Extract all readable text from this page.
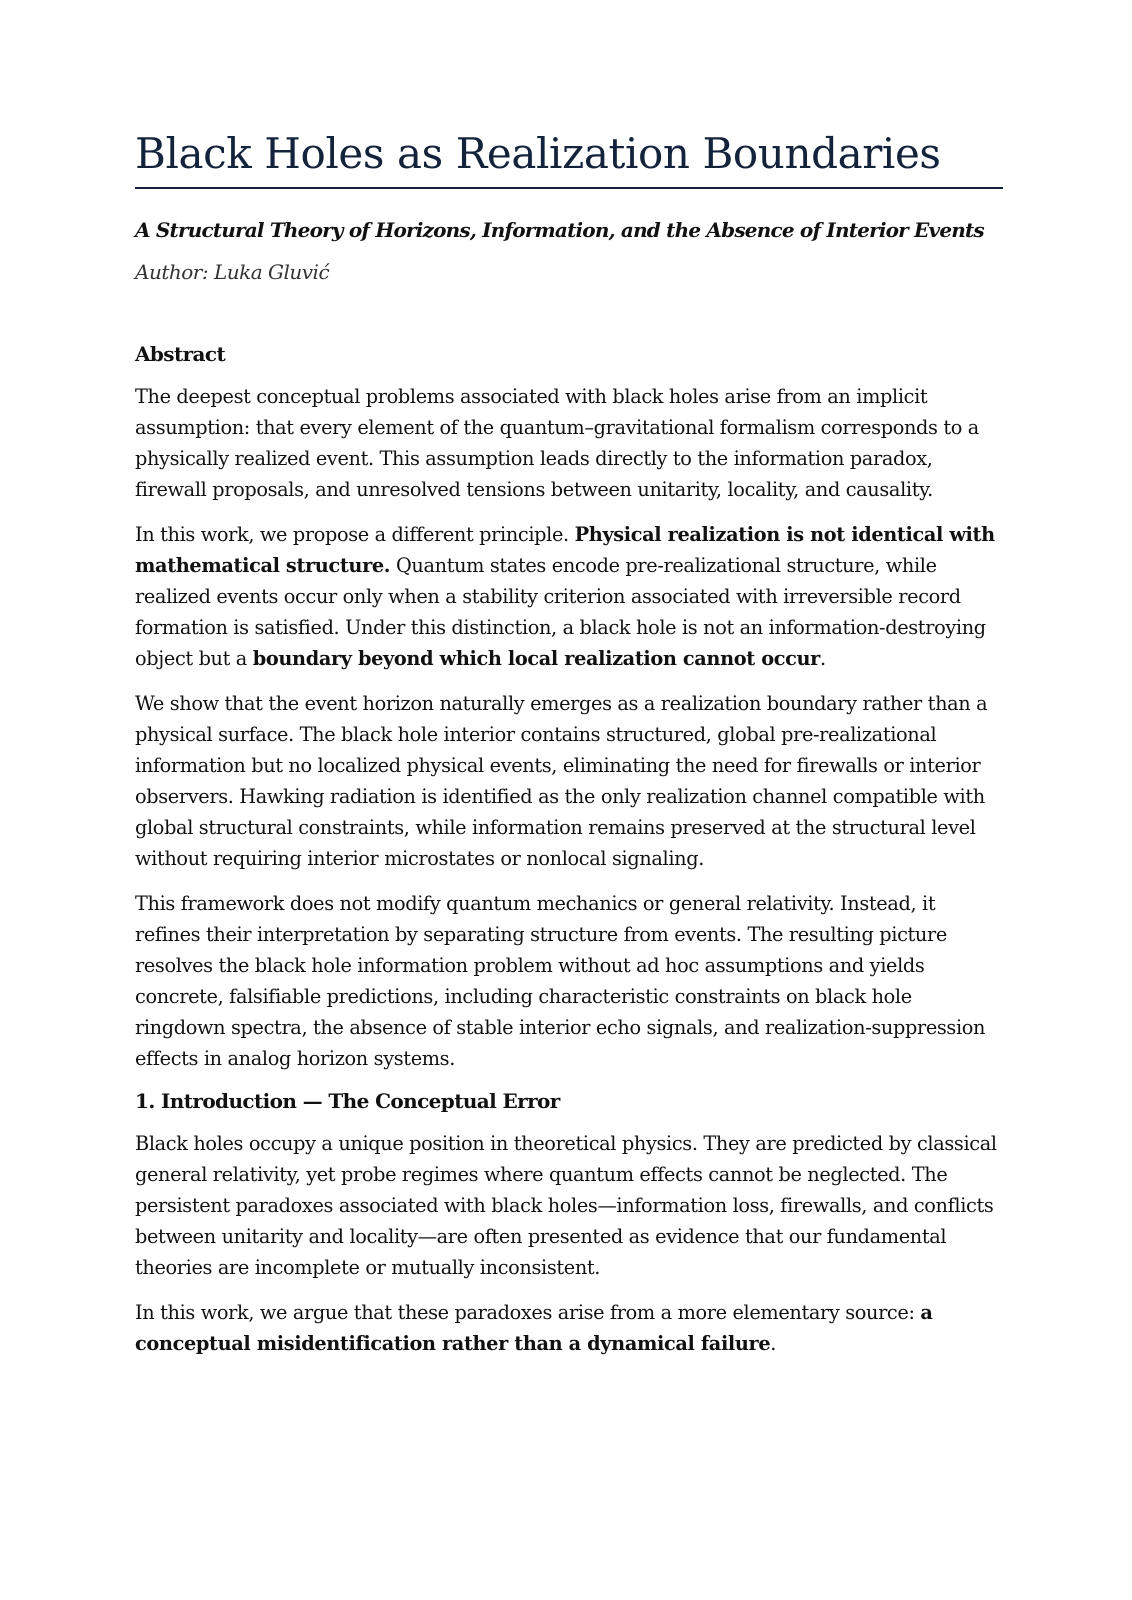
Black Holes as Realization Boundaries
A Structural Theory of Horizons, Information, and the Absence of Interior Events
Author: Luka Gluvić
Abstract

The deepest conceptual problems associated with black holes arise from an implicit assumption: that every element of the quantum–gravitational formalism corresponds to a physically realized event. This assumption leads directly to the information paradox, firewall proposals, and unresolved tensions between unitarity, locality, and causality.

In this work, we propose a different principle. Physical realization is not identical with mathematical structure. Quantum states encode pre-realizational structure, while realized events occur only when a stability criterion associated with irreversible record formation is satisfied. Under this distinction, a black hole is not an information-destroying object but a boundary beyond which local realization cannot occur.

We show that the event horizon naturally emerges as a realization boundary rather than a physical surface. The black hole interior contains structured, global pre-realizational information but no localized physical events, eliminating the need for firewalls or interior observers. Hawking radiation is identified as the only realization channel compatible with global structural constraints, while information remains preserved at the structural level without requiring interior microstates or nonlocal signaling.

This framework does not modify quantum mechanics or general relativity. Instead, it refines their interpretation by separating structure from events. The resulting picture resolves the black hole information problem without ad hoc assumptions and yields concrete, falsifiable predictions, including characteristic constraints on black hole ringdown spectra, the absence of stable interior echo signals, and realization-suppression effects in analog horizon systems.

1. Introduction — The Conceptual Error

Black holes occupy a unique position in theoretical physics. They are predicted by classical general relativity, yet probe regimes where quantum effects cannot be neglected. The persistent paradoxes associated with black holes—information loss, firewalls, and conflicts between unitarity and locality—are often presented as evidence that our fundamental theories are incomplete or mutually inconsistent.

In this work, we argue that these paradoxes arise from a more elementary source: a conceptual misidentification rather than a dynamical failure.
